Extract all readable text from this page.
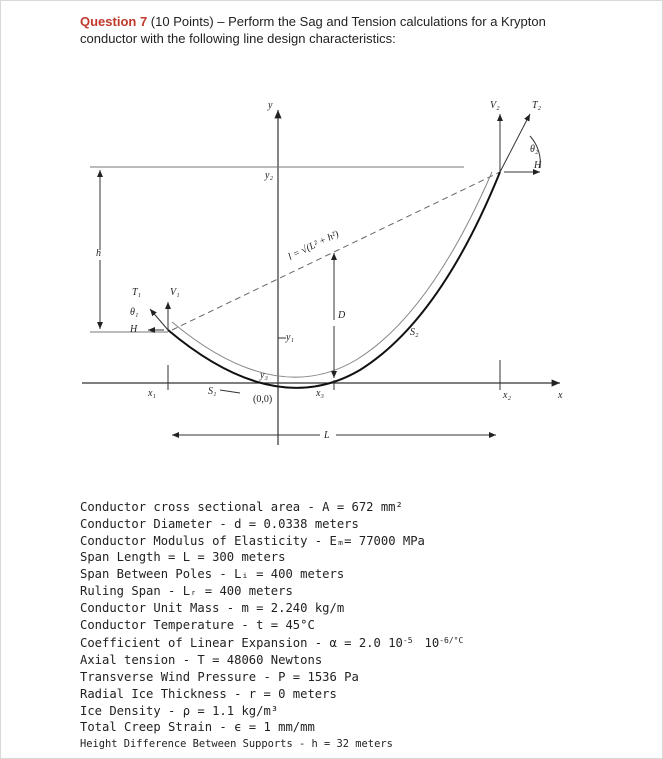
Question 7 (10 Points) – Perform the Sag and Tension calculations for a Krypton conductor with the following line design characteristics:
h	l = √(L² + h²)
D
y
y₂
y₁
y₃
(0,0)
T₁	V₁
θ₁
H
V₂	T₂
θ₂
H
x₁	x₂
x₃	x
S₁
S₂
L
Conductor cross sectional area - A = 672 mm²
Conductor Diameter - d = 0.0338 meters
Conductor Modulus of Elasticity - Eₘ= 77000 MPa
Span Length = L = 300 meters
Span Between Poles - Lᵢ = 400 meters
Ruling Span - Lᵣ = 400 meters
Conductor Unit Mass - m = 2.240 kg/m
Conductor Temperature - t = 45°C
Coefficient of Linear Expansion - α = 2.0 $10^{-5}$ $10^{-6/^\circ C}$
Axial tension - T = 48060 Newtons
Transverse Wind Pressure - P = 1536 Pa
Radial Ice Thickness - r = 0 meters
Ice Density - ρ = 1.1 kg/m³
Total Creep Strain - ϵ = 1 mm/mm
Height Difference Between Supports - h = 32 meters
